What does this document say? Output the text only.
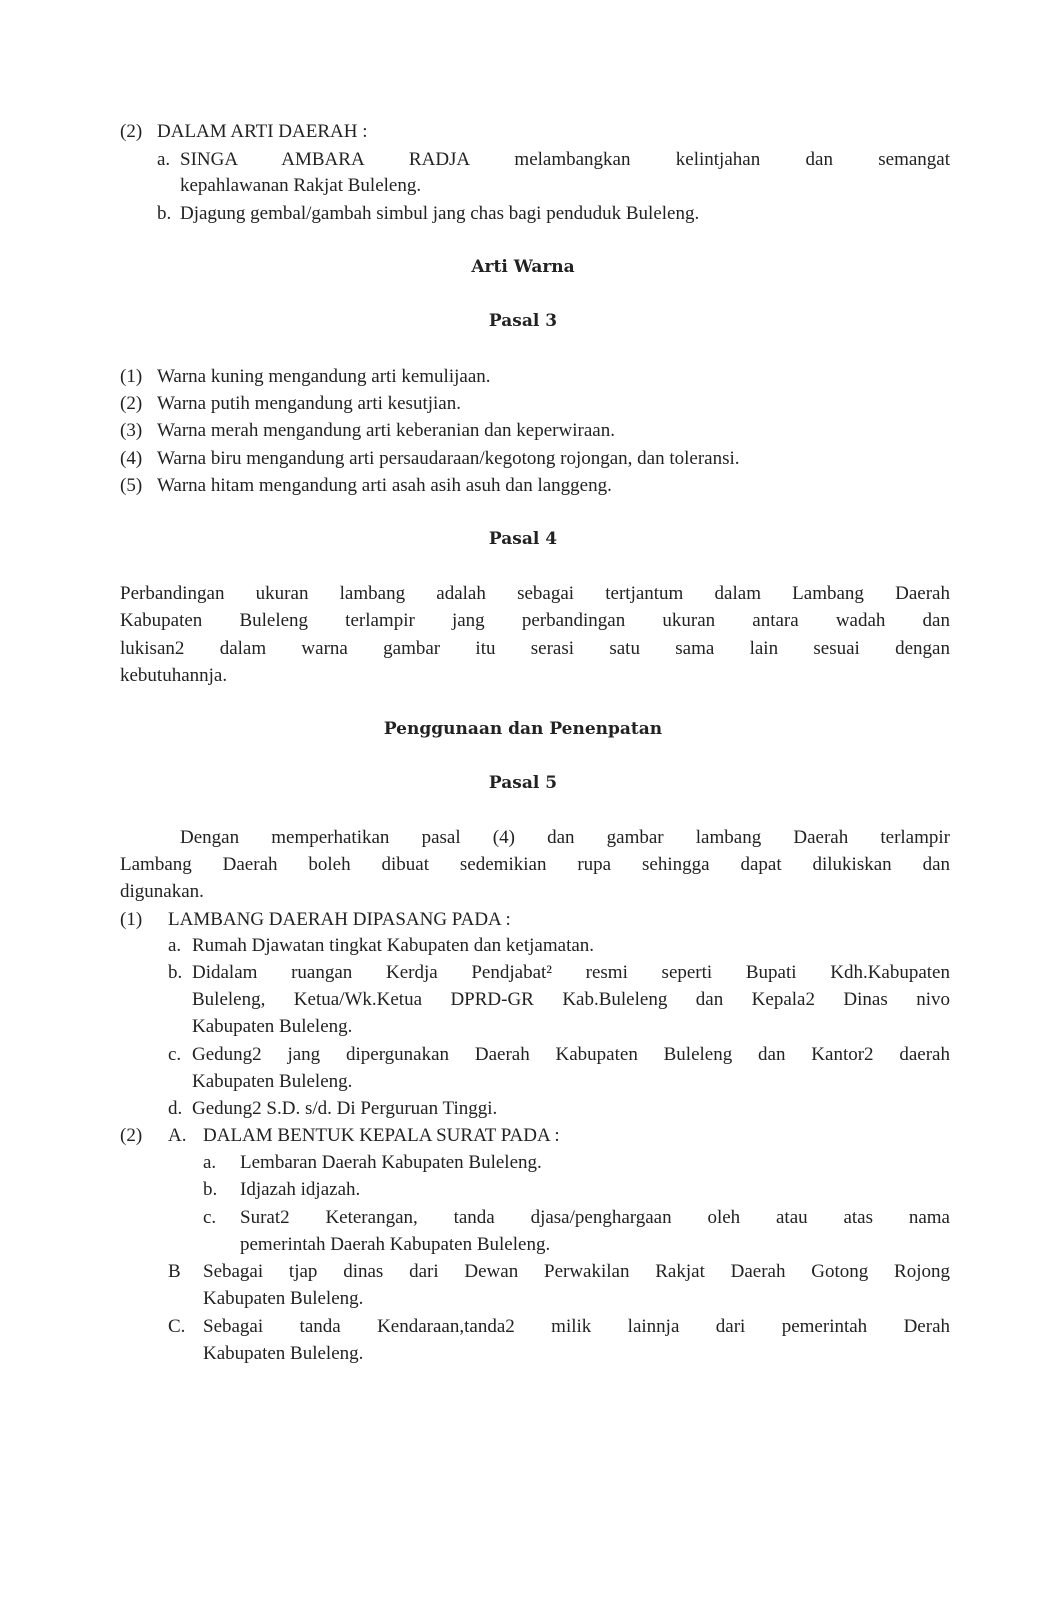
(2) DALAM ARTI DAERAH :
a. SINGA AMBARA RADJA melambangkan kelintjahan dan semangat
kepahlawanan Rakjat Buleleng.
b. Djagung gembal/gambah simbul jang chas bagi penduduk Buleleng.
Arti Warna
Pasal 3
(1) Warna kuning mengandung arti kemulijaan.
(2) Warna putih mengandung arti kesutjian.
(3) Warna merah mengandung arti keberanian dan keperwiraan.
(4) Warna biru mengandung arti persaudaraan/kegotong rojongan, dan toleransi.
(5) Warna hitam mengandung arti asah asih asuh dan langgeng.
Pasal 4
Perbandingan ukuran lambang adalah sebagai tertjantum dalam Lambang Daerah
Kabupaten Buleleng terlampir jang perbandingan ukuran antara wadah dan
lukisan2 dalam warna gambar itu serasi satu sama lain sesuai dengan
kebutuhannja.
Penggunaan dan Penenpatan
Pasal 5
Dengan memperhatikan pasal (4) dan gambar lambang Daerah terlampir
Lambang Daerah boleh dibuat sedemikian rupa sehingga dapat dilukiskan dan
digunakan.
(1) LAMBANG DAERAH DIPASANG PADA :
a. Rumah Djawatan tingkat Kabupaten dan ketjamatan.
b. Didalam ruangan Kerdja Pendjabat² resmi seperti Bupati Kdh.Kabupaten
Buleleng, Ketua/Wk.Ketua DPRD-GR Kab.Buleleng dan Kepala2 Dinas nivo
Kabupaten Buleleng.
c. Gedung2 jang dipergunakan Daerah Kabupaten Buleleng dan Kantor2 daerah
Kabupaten Buleleng.
d. Gedung2 S.D. s/d. Di Perguruan Tinggi.
(2) A. DALAM BENTUK KEPALA SURAT PADA :
a. Lembaran Daerah Kabupaten Buleleng.
b. Idjazah idjazah.
c. Surat2 Keterangan, tanda djasa/penghargaan oleh atau atas nama
pemerintah Daerah Kabupaten Buleleng.
B Sebagai tjap dinas dari Dewan Perwakilan Rakjat Daerah Gotong Rojong
Kabupaten Buleleng.
C. Sebagai tanda Kendaraan,tanda2 milik lainnja dari pemerintah Derah
Kabupaten Buleleng.
